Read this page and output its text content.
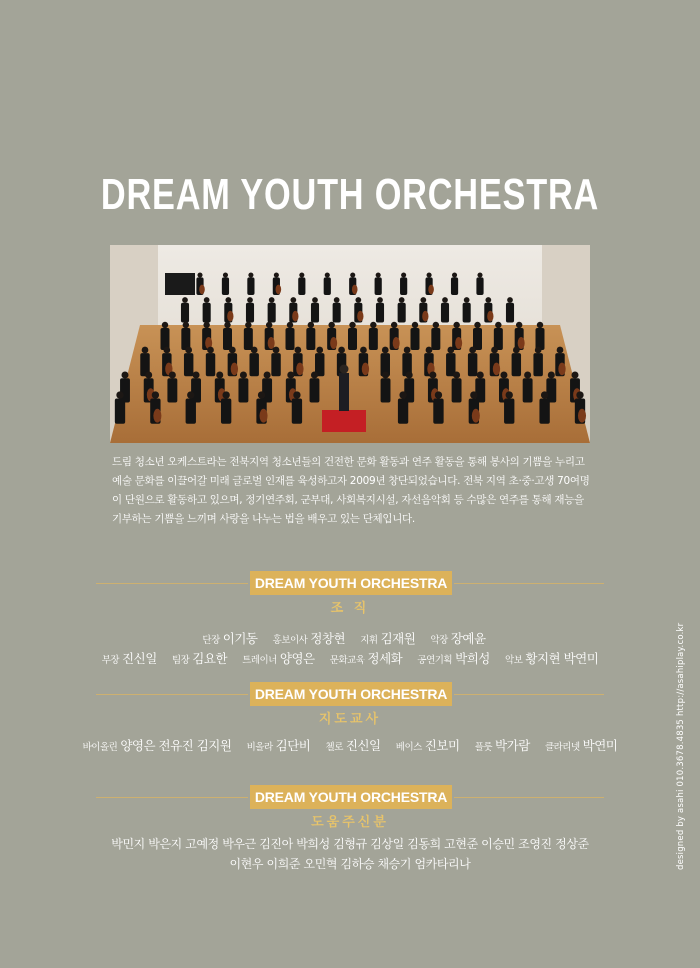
DREAM YOUTH ORCHESTRA

드림 청소년 오케스트라는 전북지역 청소년들의 건전한 문화 활동과 연주 활동을 통해 봉사의 기쁨을 누리고 예술 문화를 이끌어갈 미래 글로벌 인재를 육성하고자 2009년 창단되었습니다. 전북 지역 초·중·고생 70여명이 단원으로 활동하고 있으며, 정기연주회, 군부대, 사회복지시설, 자선음악회 등 수많은 연주를 통해 재능을 기부하는 기쁨을 느끼며 사랑을 나누는 법을 배우고 있는 단체입니다.

DREAM YOUTH ORCHESTRA
조 직
단장 이기동 홍보이사 정창현 지휘 김재원 악장 장예윤
부장 진신일 팀장 김요한 트레이너 양영은 문화교육 정세화 공연기획 박희성 악보 황지현 박연미
DREAM YOUTH ORCHESTRA
지도교사
바이올린 양영은 전유진 김지원 비올라 김단비 첼로 진신일 베이스 진보미 플룻 박가람 클라리넷 박연미
DREAM YOUTH ORCHESTRA
도움주신분
박민지 박은지 고예정 박우근 김진아 박희성 김형규 김상일 김동희 고현준 이승민 조영진 정상준
이현우 이희준 오민혁 김하승 채승기 엄카타리나	designed by asahi 010.3678.4835 http://asahiplay.co.kr
